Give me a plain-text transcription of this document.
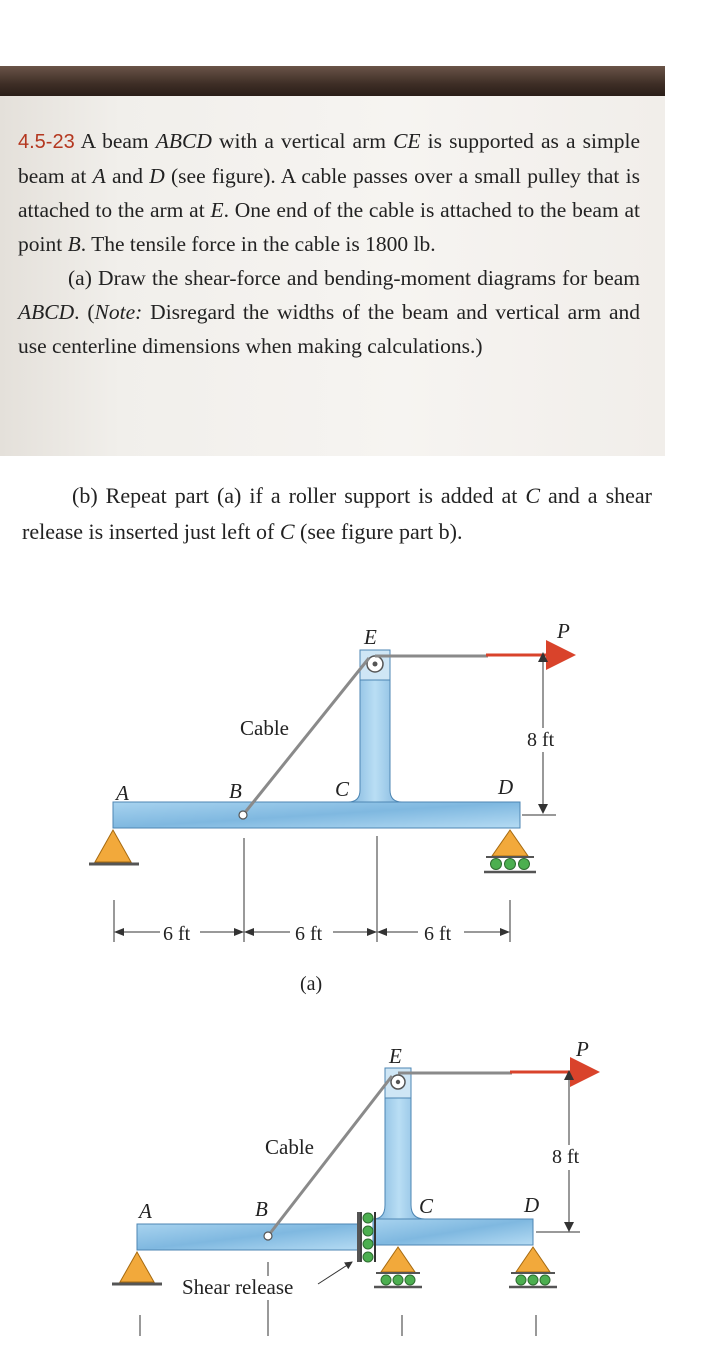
4.5-23 A beam ABCD with a vertical arm CE is supported as a simple beam at A and D (see figure). A cable passes over a small pulley that is attached to the arm at E. One end of the cable is attached to the beam at point B. The tensile force in the cable is 1800 lb.

(a) Draw the shear-force and bending-moment diagrams for beam ABCD. (Note: Disregard the widths of the beam and vertical arm and use centerline dimensions when making calculations.)

(b) Repeat part (a) if a roller support is added at C and a shear release is inserted just left of C (see figure part b).

E	P
Cable
A	B	C	D
8 ft
6 ft	6 ft	6 ft
(a)
E	P
Cable
A	B	C	D
8 ft
Shear release
